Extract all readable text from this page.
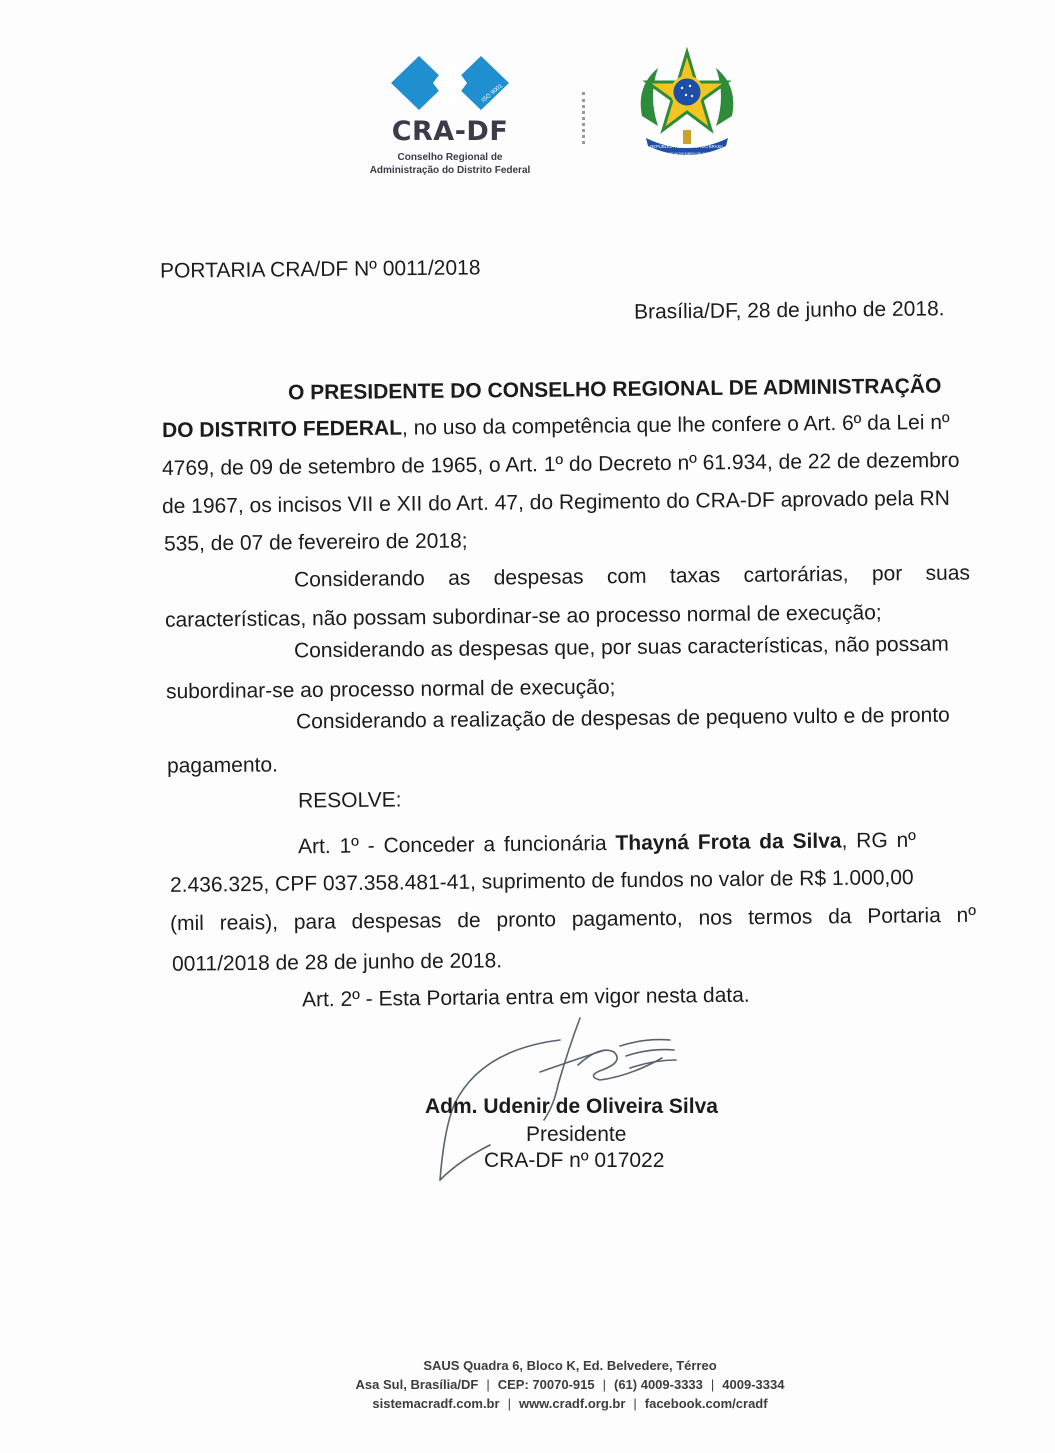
ISO 9001
CRA-DF
Conselho Regional de
Administração do Distrito Federal
REPÚBLICA FEDERATIVA DO BRASIL
15 DE NOVEMBRO DE 1889
PORTARIA CRA/DF Nº 0011/2018
Brasília/DF, 28 de junho de 2018.
O PRESIDENTE DO CONSELHO REGIONAL DE ADMINISTRAÇÃO
DO DISTRITO FEDERAL, no uso da competência que lhe confere o Art. 6º da Lei nº
4769, de 09 de setembro de 1965, o Art. 1º do Decreto nº 61.934, de 22 de dezembro
de 1967, os incisos VII e XII do Art. 47, do Regimento do CRA-DF aprovado pela RN
535, de 07 de fevereiro de 2018;
Considerando as despesas com taxas cartorárias, por suas
características, não possam subordinar-se ao processo normal de execução;
Considerando as despesas que, por suas características, não possam
subordinar-se ao processo normal de execução;
Considerando a realização de despesas de pequeno vulto e de pronto
pagamento.
RESOLVE:
Art. 1º - Conceder a funcionária Thayná Frota da Silva, RG nº
2.436.325, CPF 037.358.481-41, suprimento de fundos no valor de R$ 1.000,00
(mil reais), para despesas de pronto pagamento, nos termos da Portaria nº
0011/2018 de 28 de junho de 2018.
Art. 2º - Esta Portaria entra em vigor nesta data.
Adm. Udenir de Oliveira Silva
Presidente
CRA-DF nº 017022
SAUS Quadra 6, Bloco K, Ed. Belvedere, Térreo
Asa Sul, Brasília/DF | CEP: 70070-915 | (61) 4009-3333 | 4009-3334
sistemacradf.com.br | www.cradf.org.br | facebook.com/cradf
